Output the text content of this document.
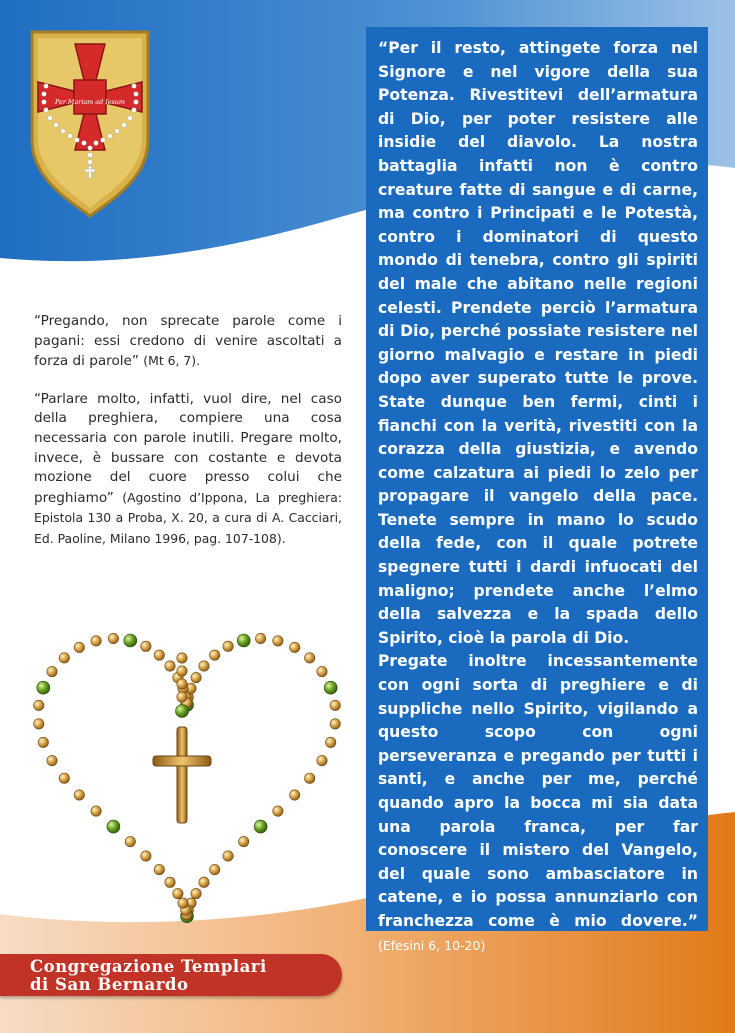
Per Mariam ad Iesum

“Pregando, non sprecate parole come i pagani: essi credono di venire ascoltati a forza di parole” (Mt 6, 7).

“Parlare molto, infatti, vuol dire, nel caso della preghiera, compiere una cosa necessaria con parole inutili. Pregare molto, invece, è bussare con costante e devota mozione del cuore presso colui che preghiamo” (Agostino d’Ippona, La preghiera: Epistola 130 a Proba, X. 20, a cura di A. Cacciari, Ed. Paoline, Milano 1996, pag. 107-108).

“Per il resto, attingete forza nel Signore e nel vigore della sua Potenza. Rivestitevi dell’armatura di Dio, per poter resistere alle insidie del diavolo. La nostra battaglia infatti non è contro creature fatte di sangue e di carne, ma contro i Principati e le Potestà, contro i dominatori di questo mondo di tenebra, contro gli spiriti del male che abitano nelle regioni celesti. Prendete perciò l’armatura di Dio, perché possiate resistere nel giorno malvagio e restare in piedi dopo aver superato tutte le prove. State dunque ben fermi, cinti i fianchi con la verità, rivestiti con la corazza della giustizia, e avendo come calzatura ai piedi lo zelo per propagare il vangelo della pace. Tenete sempre in mano lo scudo della fede, con il quale potrete spegnere tutti i dardi infuocati del maligno; prendete anche l’elmo della salvezza e la spada dello Spirito, cioè la parola di Dio.

Pregate inoltre incessantemente con ogni sorta di preghiere e di suppliche nello Spirito, vigilando a questo scopo con ogni perseveranza e pregando per tutti i santi, e anche per me, perché quando apro la bocca mi sia data una parola franca, per far conoscere il mistero del Vangelo, del quale sono ambasciatore in catene, e io possa annunziarlo con franchezza come è mio dovere.” (Efesini 6, 10-20)

Congregazione Templari
di San Bernardo
